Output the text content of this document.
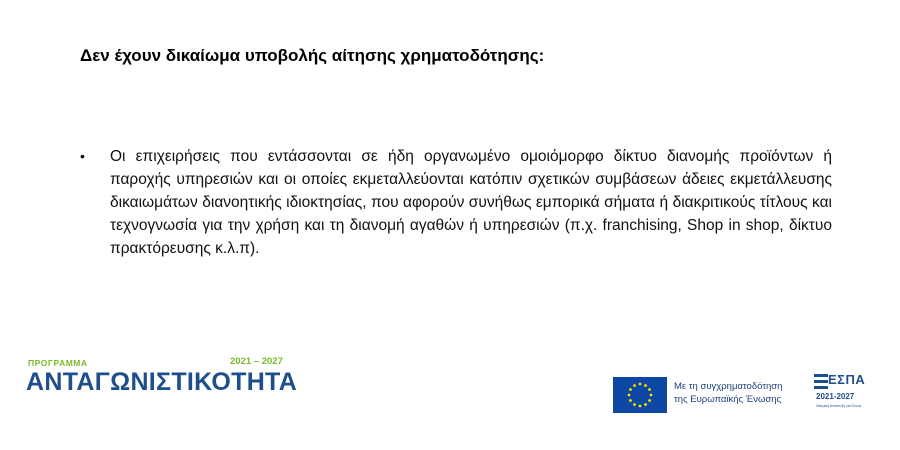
Δεν έχουν δικαίωμα υποβολής αίτησης χρηματοδότησης:
•	Οι επιχειρήσεις που εντάσσονται σε ήδη οργανωμένο ομοιόμορφο δίκτυο διανομής προϊόντων ή παροχής υπηρεσιών και οι οποίες εκμεταλλεύονται κατόπιν σχετικών συμβάσεων άδειες εκμετάλλευσης δικαιωμάτων διανοητικής ιδιοκτησίας, που αφορούν συνήθως εμπορικά σήματα ή διακριτικούς τίτλους και τεχνογνωσία για την χρήση και τη διανομή αγαθών ή υπηρεσιών (π.χ. franchising, Shop in shop, δίκτυο πρακτόρευσης κ.λ.π).
ΠΡΟΓΡΑΜΜΑ	2021 – 2027
ΑΝΤΑΓΩΝΙΣΤΙΚΟΤΗΤΑ	Με τη συγχρηματοδότηση
της Ευρωπαϊκής Ένωσης
ΕΣΠΑ
2021-2027
Θεσμική Αναπτυξη για Όλους
